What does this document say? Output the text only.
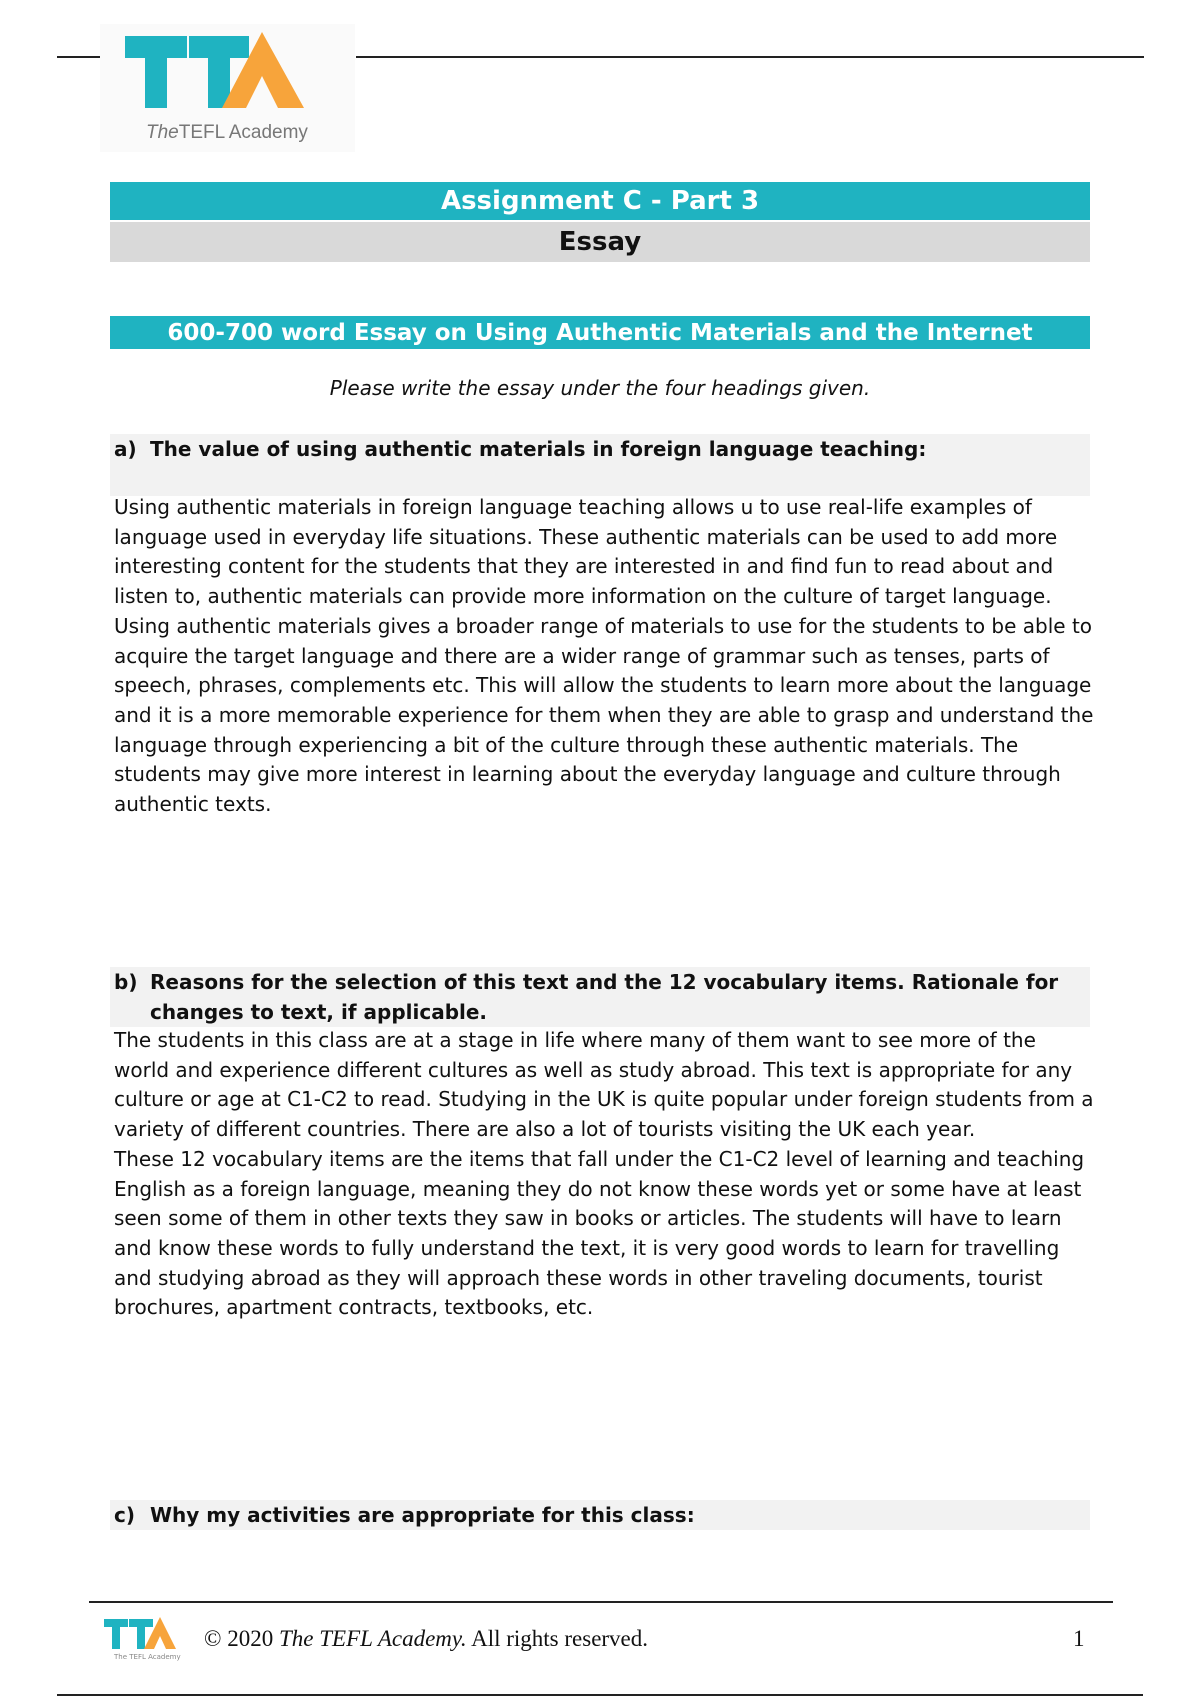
TheTEFL Academy
Assignment C - Part 3
Essay
600-700 word Essay on Using Authentic Materials and the Internet
Please write the essay under the four headings given.
a) The value of using authentic materials in foreign language teaching:

Using authentic materials in foreign language teaching allows u to use real-life examples of language used in everyday life situations. These authentic materials can be used to add more interesting content for the students that they are interested in and find fun to read about and listen to, authentic materials can provide more information on the culture of target language. Using authentic materials gives a broader range of materials to use for the students to be able to acquire the target language and there are a wider range of grammar such as tenses, parts of speech, phrases, complements etc. This will allow the students to learn more about the language and it is a more memorable experience for them when they are able to grasp and understand the language through experiencing a bit of the culture through these authentic materials. The students may give more interest in learning about the everyday language and culture through authentic texts.

b) Reasons for the selection of this text and the 12 vocabulary items. Rationale for changes to text, if applicable.

The students in this class are at a stage in life where many of them want to see more of the world and experience different cultures as well as study abroad. This text is appropriate for any culture or age at C1-C2 to read. Studying in the UK is quite popular under foreign students from a variety of different countries. There are also a lot of tourists visiting the UK each year.

These 12 vocabulary items are the items that fall under the C1-C2 level of learning and teaching English as a foreign language, meaning they do not know these words yet or some have at least seen some of them in other texts they saw in books or articles. The students will have to learn and know these words to fully understand the text, it is very good words to learn for travelling and studying abroad as they will approach these words in other traveling documents, tourist brochures, apartment contracts, textbooks, etc.

c) Why my activities are appropriate for this class:
The TEFL Academy
© 2020 The TEFL Academy. All rights reserved.	1
